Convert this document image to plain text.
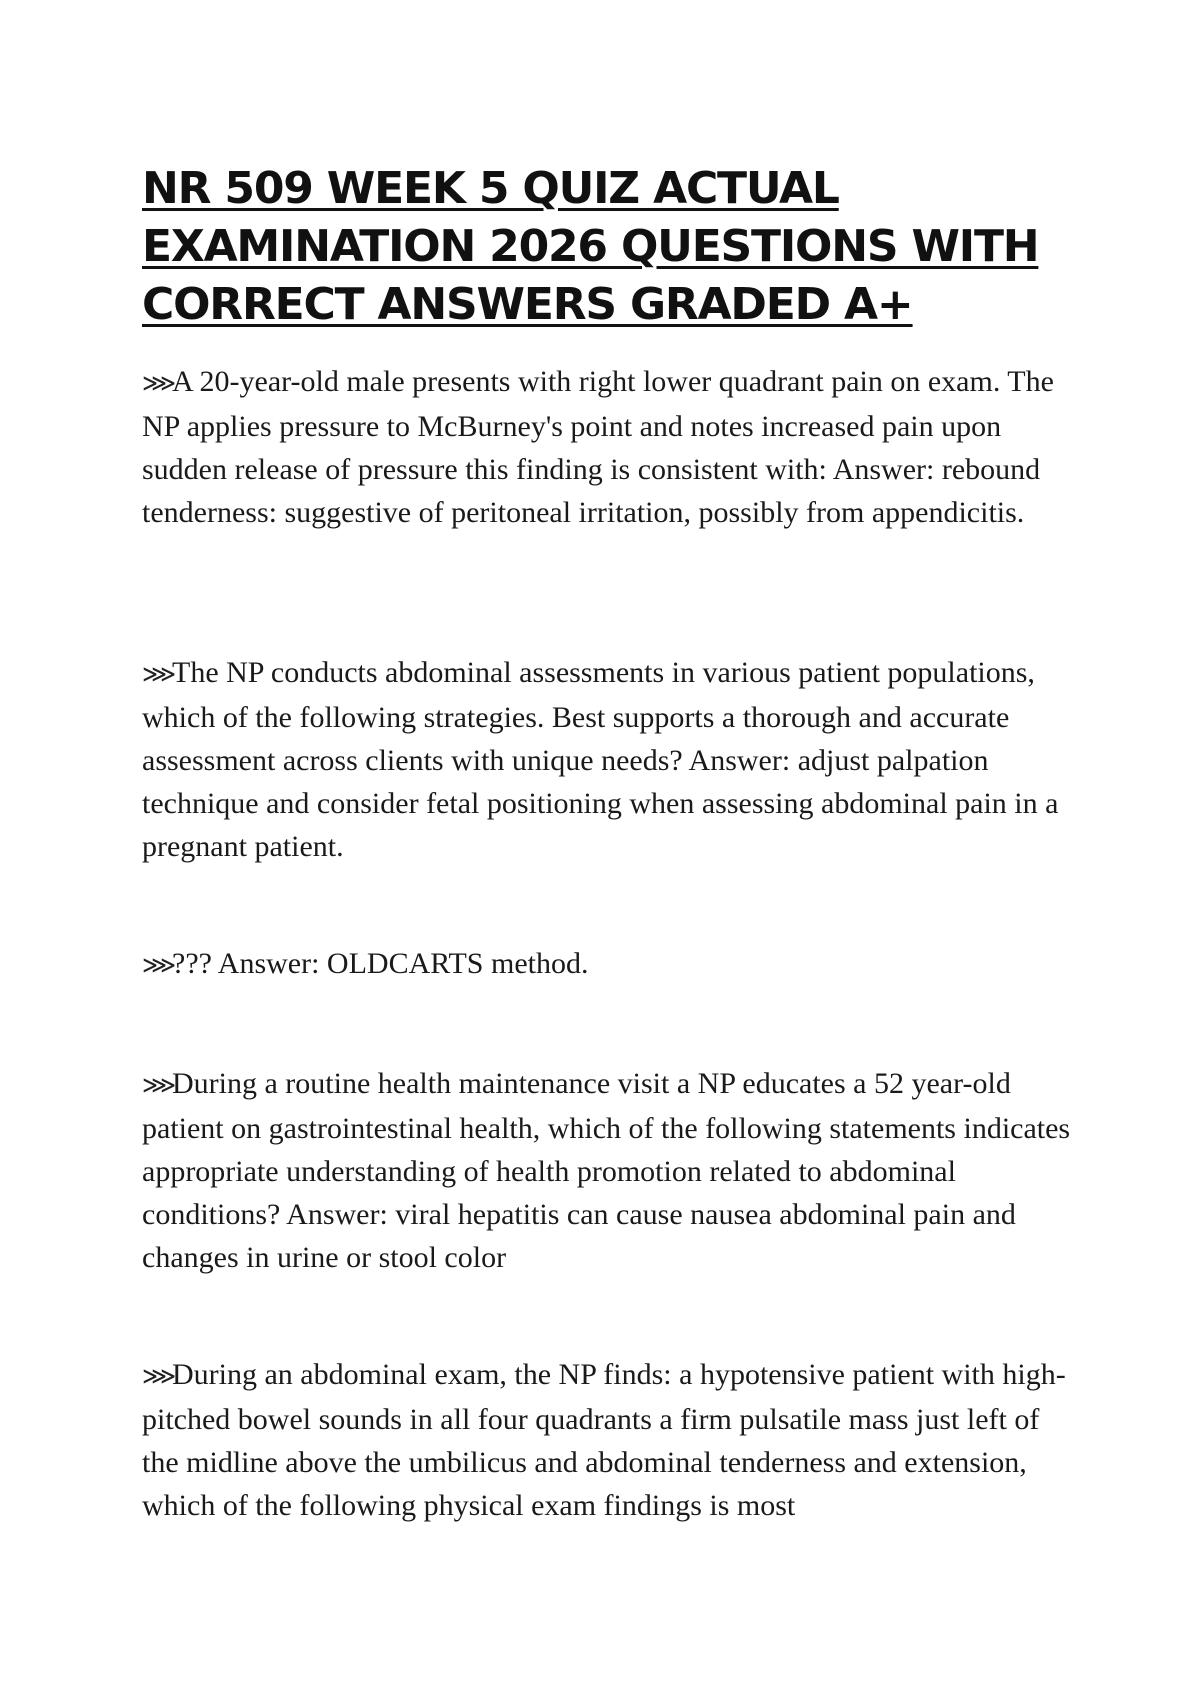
NR 509 WEEK 5 QUIZ ACTUAL EXAMINATION 2026 QUESTIONS WITH CORRECT ANSWERS GRADED A+

⋙A 20-year-old male presents with right lower quadrant pain on exam. The NP applies pressure to McBurney's point and notes increased pain upon sudden release of pressure this finding is consistent with: Answer: rebound tenderness: suggestive of peritoneal irritation, possibly from appendicitis.

⋙The NP conducts abdominal assessments in various patient populations, which of the following strategies. Best supports a thorough and accurate assessment across clients with unique needs? Answer: adjust palpation technique and consider fetal positioning when assessing abdominal pain in a pregnant patient.

⋙??? Answer: OLDCARTS method.

⋙During a routine health maintenance visit a NP educates a 52 year-old patient on gastrointestinal health, which of the following statements indicates appropriate understanding of health promotion related to abdominal conditions? Answer: viral hepatitis can cause nausea abdominal pain and changes in urine or stool color

⋙During an abdominal exam, the NP finds: a hypotensive patient with high-pitched bowel sounds in all four quadrants a firm pulsatile mass just left of the midline above the umbilicus and abdominal tenderness and extension, which of the following physical exam findings is most
